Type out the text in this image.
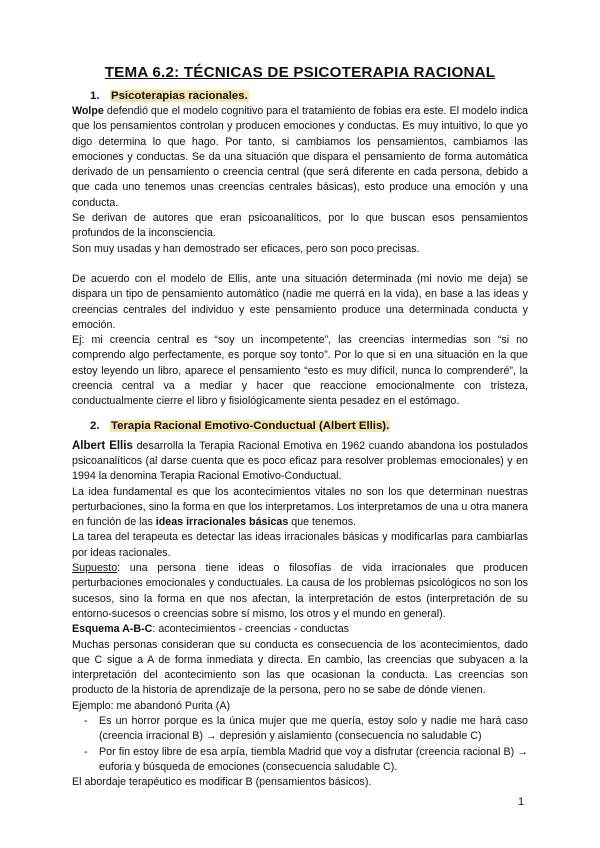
TEMA 6.2: TÉCNICAS DE PSICOTERAPIA RACIONAL
1.	Psicoterapias racionales.

Wolpe defendió que el modelo cognitivo para el tratamiento de fobias era este. El modelo indica que los pensamientos controlan y producen emociones y conductas. Es muy intuitivo, lo que yo digo determina lo que hago. Por tanto, si cambiamos los pensamientos, cambiamos las emociones y conductas. Se da una situación que dispara el pensamiento de forma automática derivado de un pensamiento o creencia central (que será diferente en cada persona, debido a que cada uno tenemos unas creencias centrales básicas), esto produce una emoción y una conducta.

Se derivan de autores que eran psicoanalíticos, por lo que buscan esos pensamientos profundos de la inconsciencia.

Son muy usadas y han demostrado ser eficaces, pero son poco precisas.

De acuerdo con el modelo de Ellis, ante una situación determinada (mi novio me deja) se dispara un tipo de pensamiento automático (nadie me querrá en la vida), en base a las ideas y creencias centrales del individuo y este pensamiento produce una determinada conducta y emoción.

Ej: mi creencia central es “soy un incompetente”, las creencias intermedias son “si no comprendo algo perfectamente, es porque soy tonto”. Por lo que si en una situación en la que estoy leyendo un libro, aparece el pensamiento “esto es muy difícil, nunca lo comprenderé”, la creencia central va a mediar y hacer que reaccione emocionalmente con tristeza, conductualmente cierre el libro y fisiológicamente sienta pesadez en el estómago.

2.	Terapia Racional Emotivo-Conductual (Albert Ellis).

Albert Ellis desarrolla la Terapia Racional Emotiva en 1962 cuando abandona los postulados psicoanalíticos (al darse cuenta que es poco eficaz para resolver problemas emocionales) y en 1994 la denomina Terapia Racional Emotivo-Conductual.

La idea fundamental es que los acontecimientos vitales no son los que determinan nuestras perturbaciones, sino la forma en que los interpretamos. Los interpretamos de una u otra manera en función de las ideas irracionales básicas que tenemos.

La tarea del terapeuta es detectar las ideas irracionales básicas y modificarlas para cambiarlas por ideas racionales.

Supuesto: una persona tiene ideas o filosofías de vida irracionales que producen perturbaciones emocionales y conductuales. La causa de los problemas psicológicos no son los sucesos, sino la forma en que nos afectan, la interpretación de estos (interpretación de su entorno-sucesos o creencias sobre sí mismo, los otros y el mundo en general).

Esquema A-B-C: acontecimientos - creencias - conductas

Muchas personas consideran que su conducta es consecuencia de los acontecimientos, dado que C sigue a A de forma inmediata y directa. En cambio, las creencias que subyacen a la interpretación del acontecimiento son las que ocasionan la conducta. Las creencias son producto de la historia de aprendizaje de la persona, pero no se sabe de dónde vienen.

Ejemplo: me abandonó Purita (A)

- Es un horror porque es la única mujer que me quería, estoy solo y nadie me hará caso (creencia irracional B) → depresión y aislamiento (consecuencia no saludable C)
- Por fin estoy libre de esa arpía, tiembla Madrid que voy a disfrutar (creencia racional B) → euforia y búsqueda de emociones (consecuencia saludable C).

El abordaje terapéutico es modificar B (pensamientos básicos).

1
